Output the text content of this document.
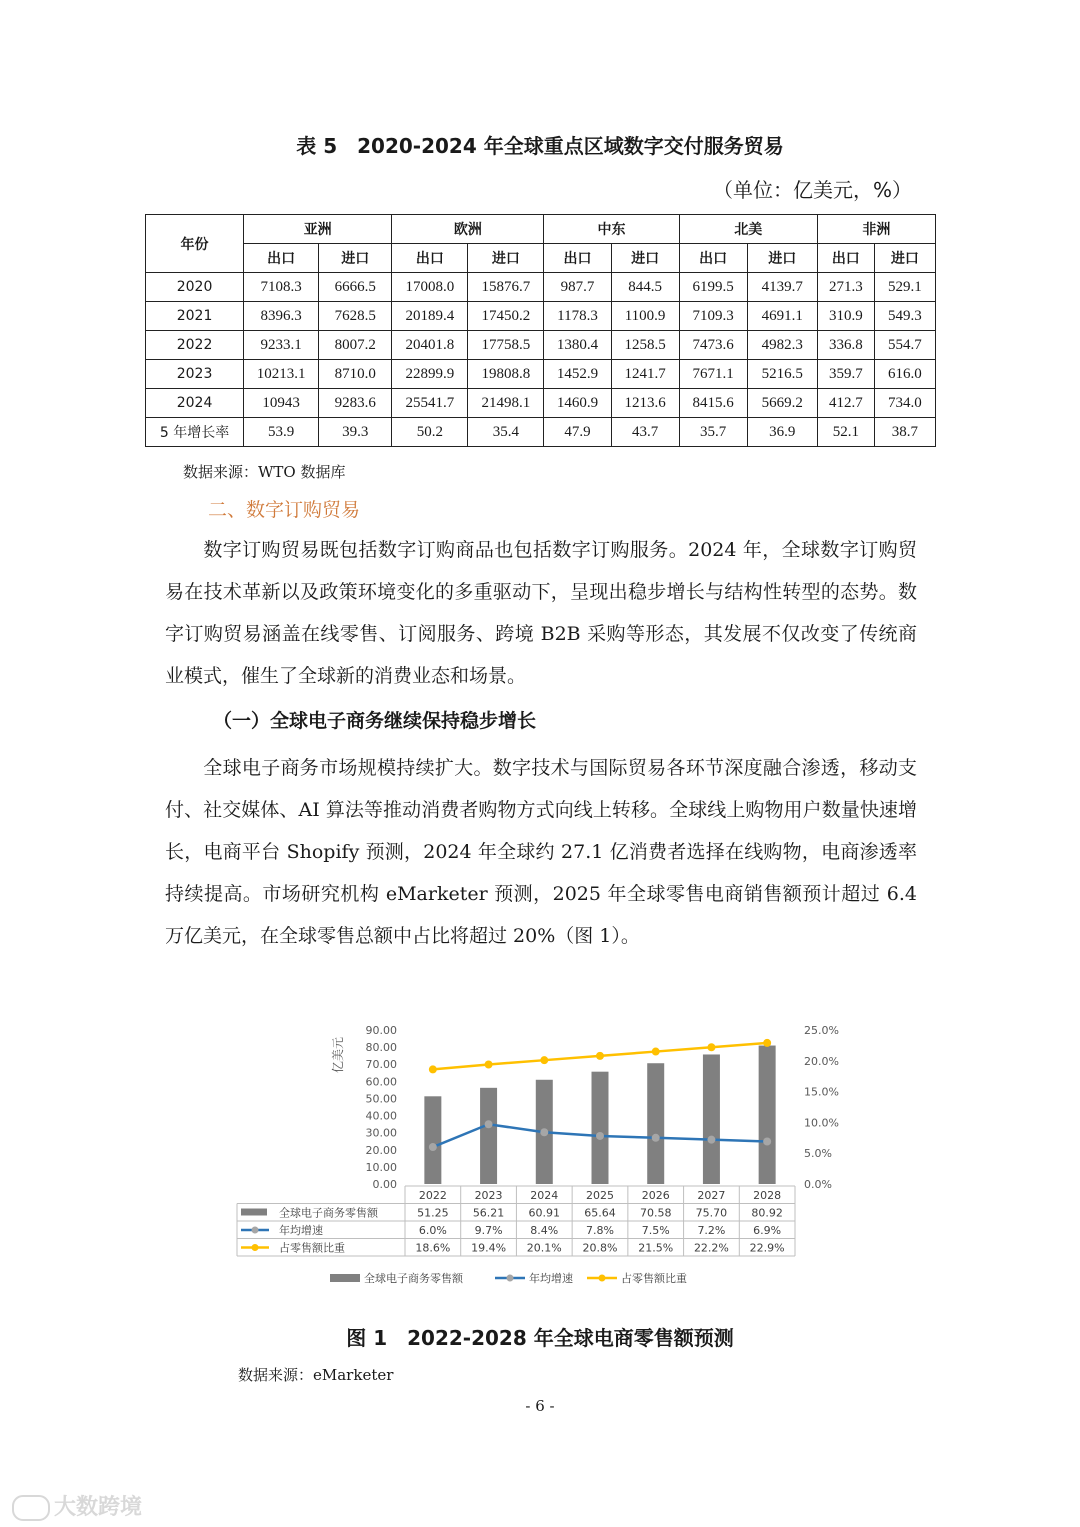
表 5　2020-2024 年全球重点区域数字交付服务贸易
（单位：亿美元，%）
年份	亚洲		欧洲		中东		北美		非洲	
	出口	进口	出口	进口	出口	进口	出口	进口	出口	进口
2020	7108.3	6666.5	17008.0	15876.7	987.7	844.5	6199.5	4139.7	271.3	529.1
2021	8396.3	7628.5	20189.4	17450.2	1178.3	1100.9	7109.3	4691.1	310.9	549.3
2022	9233.1	8007.2	20401.8	17758.5	1380.4	1258.5	7473.6	4982.3	336.8	554.7
2023	10213.1	8710.0	22899.9	19808.8	1452.9	1241.7	7671.1	5216.5	359.7	616.0
2024	10943	9283.6	25541.7	21498.1	1460.9	1213.6	8415.6	5669.2	412.7	734.0
5 年增长率	53.9	39.3	50.2	35.4	47.9	43.7	35.7	36.9	52.1	38.7
数据来源：WTO 数据库
二、数字订购贸易
数字订购贸易既包括数字订购商品也包括数字订购服务。2024 年，全球数字订购贸易在技术革新以及政策环境变化的多重驱动下，呈现出稳步增长与结构性转型的态势。数字订购贸易涵盖在线零售、订阅服务、跨境 B2B 采购等形态，其发展不仅改变了传统商业模式，催生了全球新的消费业态和场景。
（一）全球电子商务继续保持稳步增长
全球电子商务市场规模持续扩大。数字技术与国际贸易各环节深度融合渗透，移动支付、社交媒体、AI 算法等推动消费者购物方式向线上转移。全球线上购物用户数量快速增长，电商平台 Shopify 预测，2024 年全球约 27.1 亿消费者选择在线购物，电商渗透率持续提高。市场研究机构 eMarketer 预测，2025 年全球零售电商销售额预计超过 6.4 万亿美元，在全球零售总额中占比将超过 20%（图 1）。
亿美元
0.00
10.00
20.00
30.00
40.00
50.00
60.00
70.00
80.00
90.00
0.0%
5.0%
10.0%
15.0%
20.0%
25.0%
2022	2023	2024	2025	2026	2027	2028
全球电子商务零售额	51.25 56.21 60.91 65.64 70.58 75.70 80.92
年均增速	6.0%	9.7%	8.4%	7.8%	7.5%	7.2%	6.9%
占零售额比重	18.6% 19.4% 20.1% 20.8% 21.5% 22.2% 22.9%
全球电子商务零售额	年均增速	占零售额比重
图 1　2022-2028 年全球电商零售额预测
数据来源：eMarketer
- 6 -
大数跨境
